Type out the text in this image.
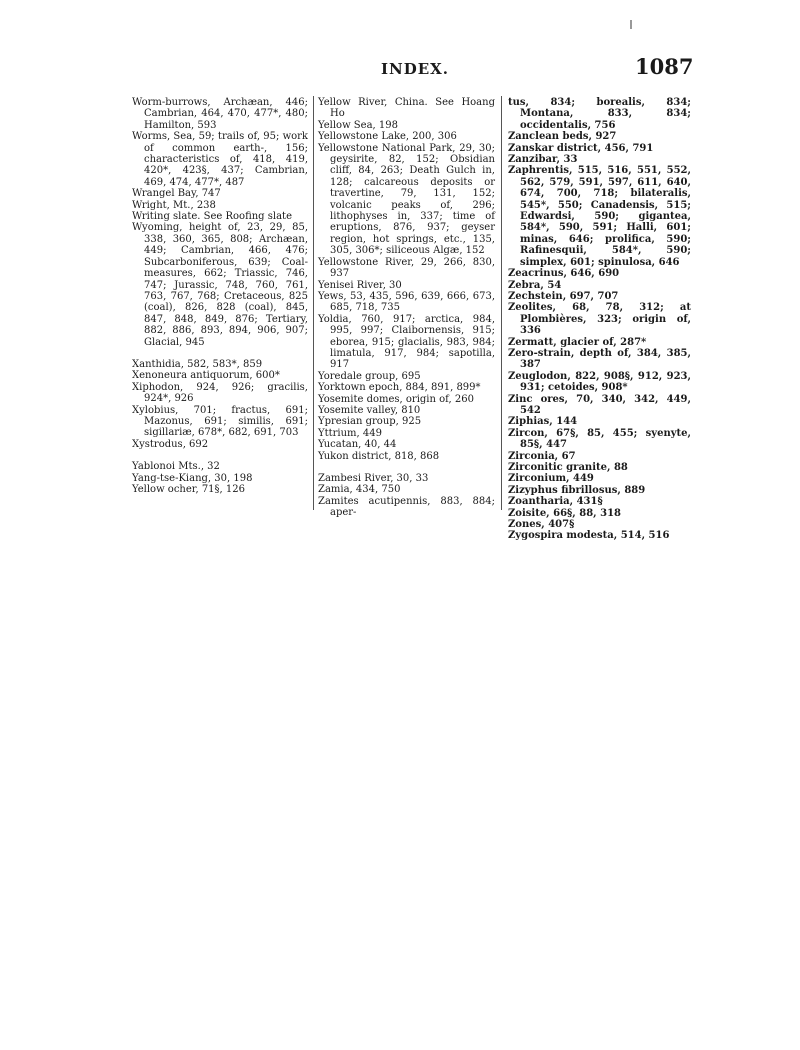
INDEX.	1087

Worm-burrows, Archæan, 446; Cambrian, 464, 470, 477*, 480; Hamilton, 593

Worms, Sea, 59; trails of, 95; work of common earth-, 156; characteristics of, 418, 419, 420*, 423§, 437; Cambrian, 469, 474, 477*, 487

Wrangel Bay, 747

Wright, Mt., 238

Writing slate. See Roofing slate

Wyoming, height of, 23, 29, 85, 338, 360, 365, 808; Archæan, 449; Cambrian, 466, 476; Subcarboniferous, 639; Coal-measures, 662; Triassic, 746, 747; Jurassic, 748, 760, 761, 763, 767, 768; Cretaceous, 825 (coal), 826, 828 (coal), 845, 847, 848, 849, 876; Tertiary, 882, 886, 893, 894, 906, 907; Glacial, 945

Xanthidia, 582, 583*, 859

Xenoneura antiquorum, 600*

Xiphodon, 924, 926; gracilis, 924*, 926

Xylobius, 701; fractus, 691; Mazonus, 691; similis, 691; sigillariæ, 678*, 682, 691, 703

Xystrodus, 692

Yablonoi Mts., 32

Yang-tse-Kiang, 30, 198

Yellow ocher, 71§, 126

Yellow River, China. See Hoang Ho

Yellow Sea, 198

Yellowstone Lake, 200, 306

Yellowstone National Park, 29, 30; geysirite, 82, 152; Obsidian cliff, 84, 263; Death Gulch in, 128; calcareous deposits or travertine, 79, 131, 152; volcanic peaks of, 296; lithophyses in, 337; time of eruptions, 876, 937; geyser region, hot springs, etc., 135, 305, 306*; siliceous Algæ, 152

Yellowstone River, 29, 266, 830, 937

Yenisei River, 30

Yews, 53, 435, 596, 639, 666, 673, 685, 718, 735

Yoldia, 760, 917; arctica, 984, 995, 997; Claibornensis, 915; eborea, 915; glacialis, 983, 984; limatula, 917, 984; sapotilla, 917

Yoredale group, 695

Yorktown epoch, 884, 891, 899*

Yosemite domes, origin of, 260

Yosemite valley, 810

Ypresian group, 925

Yttrium, 449

Yucatan, 40, 44

Yukon district, 818, 868

Zambesi River, 30, 33

Zamia, 434, 750

Zamites acutipennis, 883, 884; aper-

tus, 834; borealis, 834; Montana, 833, 834; occidentalis, 756

Zanclean beds, 927

Zanskar district, 456, 791

Zanzibar, 33

Zaphrentis, 515, 516, 551, 552, 562, 579, 591, 597, 611, 640, 674, 700, 718; bilateralis, 545*, 550; Canadensis, 515; Edwardsi, 590; gigantea, 584*, 590, 591; Halli, 601; minas, 646; prolifica, 590; Rafinesquii, 584*, 590; simplex, 601; spinulosa, 646

Zeacrinus, 646, 690

Zebra, 54

Zechstein, 697, 707

Zeolites, 68, 78, 312; at Plombières, 323; origin of, 336

Zermatt, glacier of, 287*

Zero-strain, depth of, 384, 385, 387

Zeuglodon, 822, 908§, 912, 923, 931; cetoides, 908*

Zinc ores, 70, 340, 342, 449, 542

Ziphias, 144

Zircon, 67§, 85, 455; syenyte, 85§, 447

Zirconia, 67

Zirconitic granite, 88

Zirconium, 449

Zizyphus fibrillosus, 889

Zoantharia, 431§

Zoisite, 66§, 88, 318

Zones, 407§

Zygospira modesta, 514, 516
